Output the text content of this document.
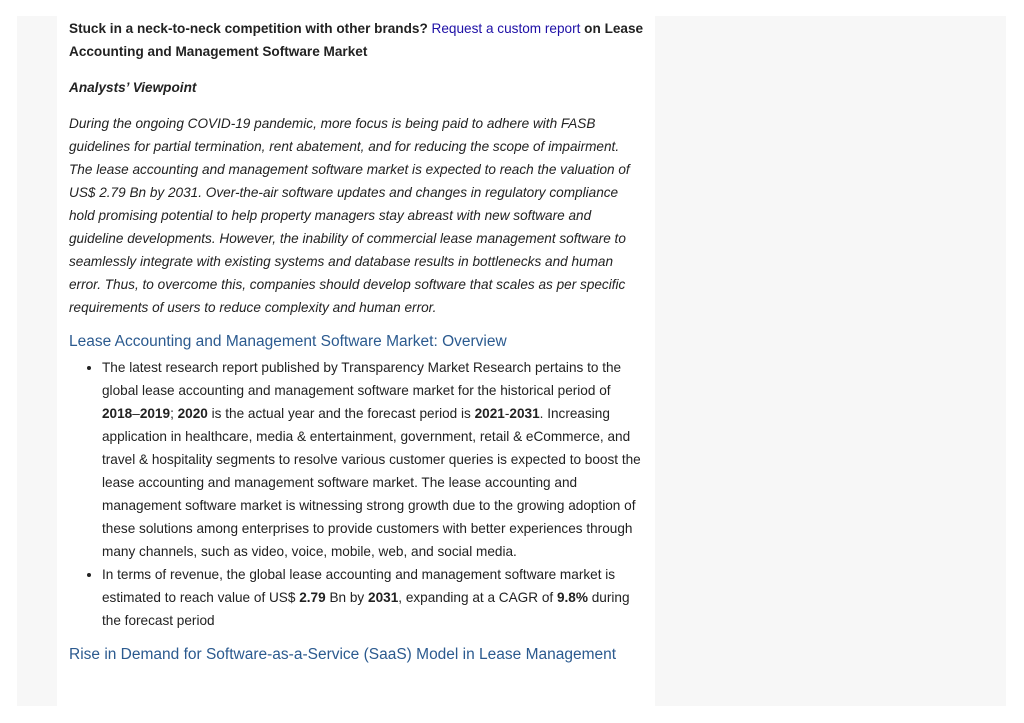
Stuck in a neck-to-neck competition with other brands? Request a custom report on Lease Accounting and Management Software Market

Analysts’ Viewpoint

During the ongoing COVID-19 pandemic, more focus is being paid to adhere with FASB guidelines for partial termination, rent abatement, and for reducing the scope of impairment. The lease accounting and management software market is expected to reach the valuation of US$ 2.79 Bn by 2031. Over-the-air software updates and changes in regulatory compliance hold promising potential to help property managers stay abreast with new software and guideline developments. However, the inability of commercial lease management software to seamlessly integrate with existing systems and database results in bottlenecks and human error. Thus, to overcome this, companies should develop software that scales as per specific requirements of users to reduce complexity and human error.

Lease Accounting and Management Software Market: Overview
• The latest research report published by Transparency Market Research pertains to the global lease accounting and management software market for the historical period of 2018–2019; 2020 is the actual year and the forecast period is 2021-2031. Increasing application in healthcare, media & entertainment, government, retail & eCommerce, and travel & hospitality segments to resolve various customer queries is expected to boost the lease accounting and management software market. The lease accounting and management software market is witnessing strong growth due to the growing adoption of these solutions among enterprises to provide customers with better experiences through many channels, such as video, voice, mobile, web, and social media.
• In terms of revenue, the global lease accounting and management software market is estimated to reach value of US$ 2.79 Bn by 2031, expanding at a CAGR of 9.8% during the forecast period
Rise in Demand for Software-as-a-Service (SaaS) Model in Lease Management
